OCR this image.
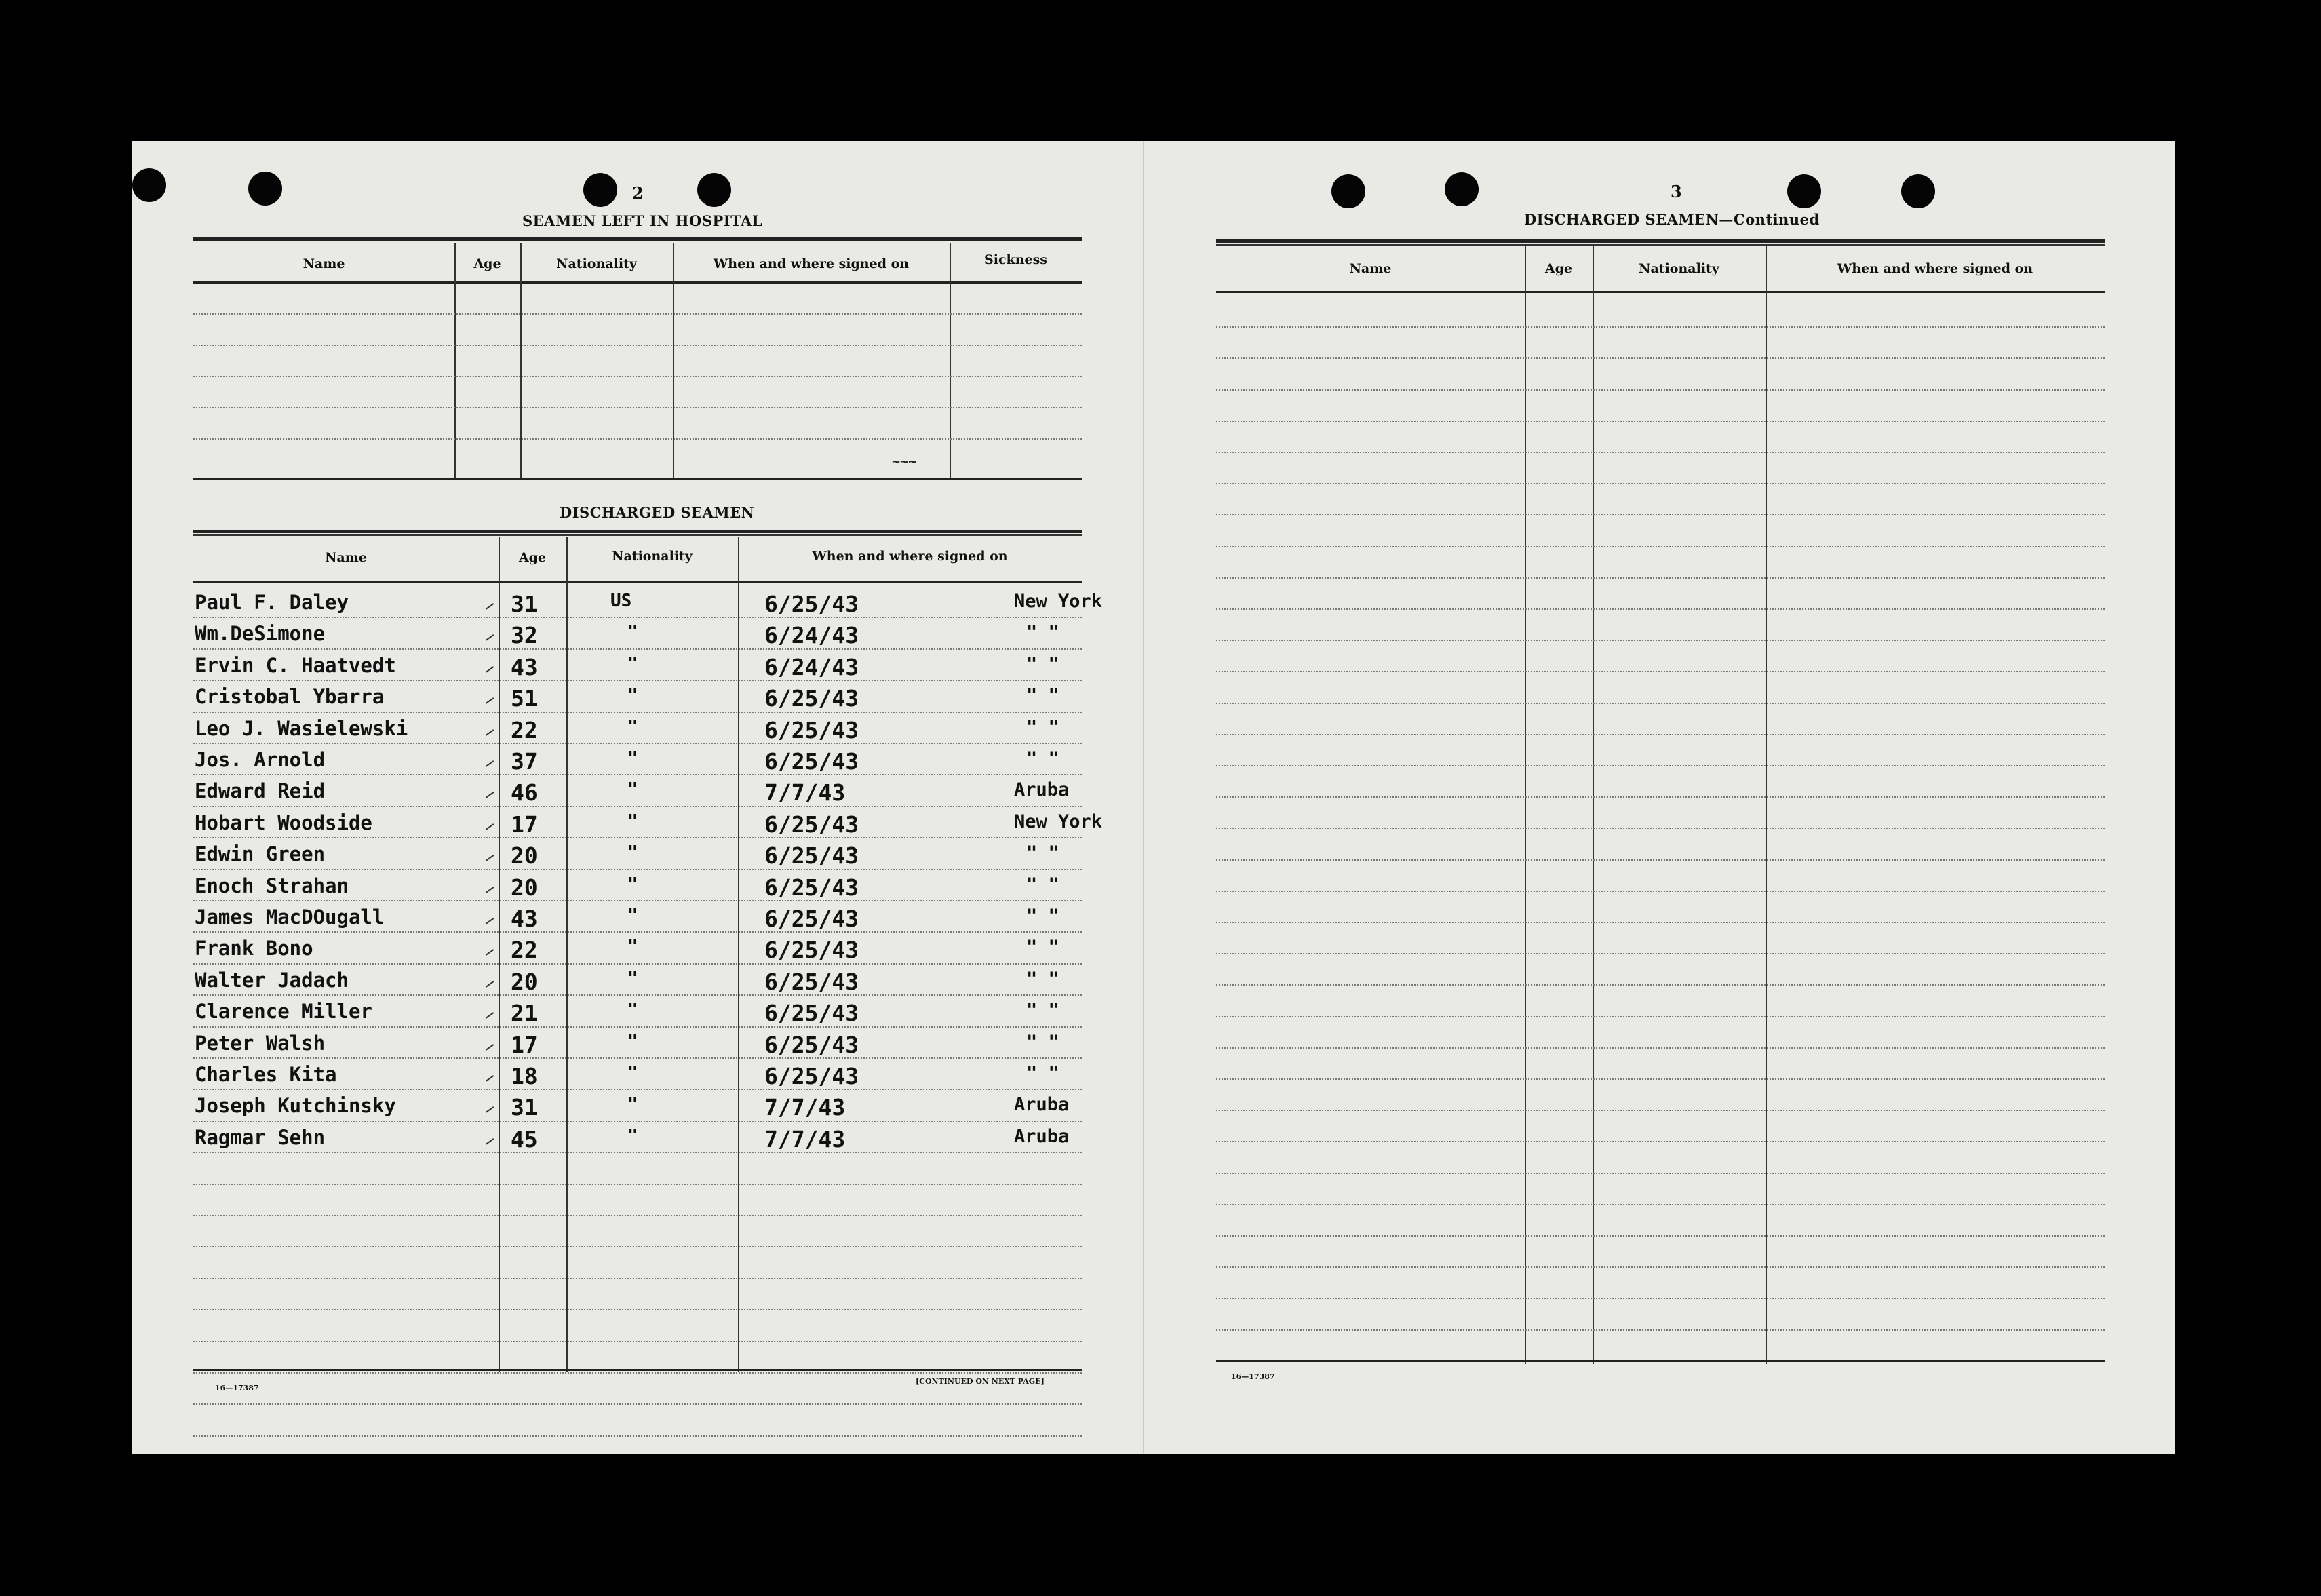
2
SEAMEN LEFT IN HOSPITAL
Name	Age	Nationality	When and where signed on	Sickness
~~~
DISCHARGED SEAMEN
Name	Age	Nationality	When and where signed on
Paul F. Daley	31	US	6/25/43	New York
Wm.DeSimone	32	"	6/24/43	" "
Ervin C. Haatvedt	43	"	6/24/43	" "
Cristobal Ybarra	51	"	6/25/43	" "
Leo J. Wasielewski	22	"	6/25/43	" "
Jos. Arnold	37	"	6/25/43	" "
Edward Reid	46	"	7/7/43	Aruba
Hobart Woodside	17	"	6/25/43	New York
Edwin Green	20	"	6/25/43	" "
Enoch Strahan	20	"	6/25/43	" "
James MacDOugall	43	"	6/25/43	" "
Frank Bono	22	"	6/25/43	" "
Walter Jadach	20	"	6/25/43	" "
Clarence Miller	21	"	6/25/43	" "
Peter Walsh	17	"	6/25/43	" "
Charles Kita	18	"	6/25/43	" "
Joseph Kutchinsky	31	"	7/7/43	Aruba
Ragmar Sehn	45	"	7/7/43	Aruba
16—17387
[CONTINUED ON NEXT PAGE]
3
DISCHARGED SEAMEN—Continued
Name	Age	Nationality	When and where signed on
16—17387
